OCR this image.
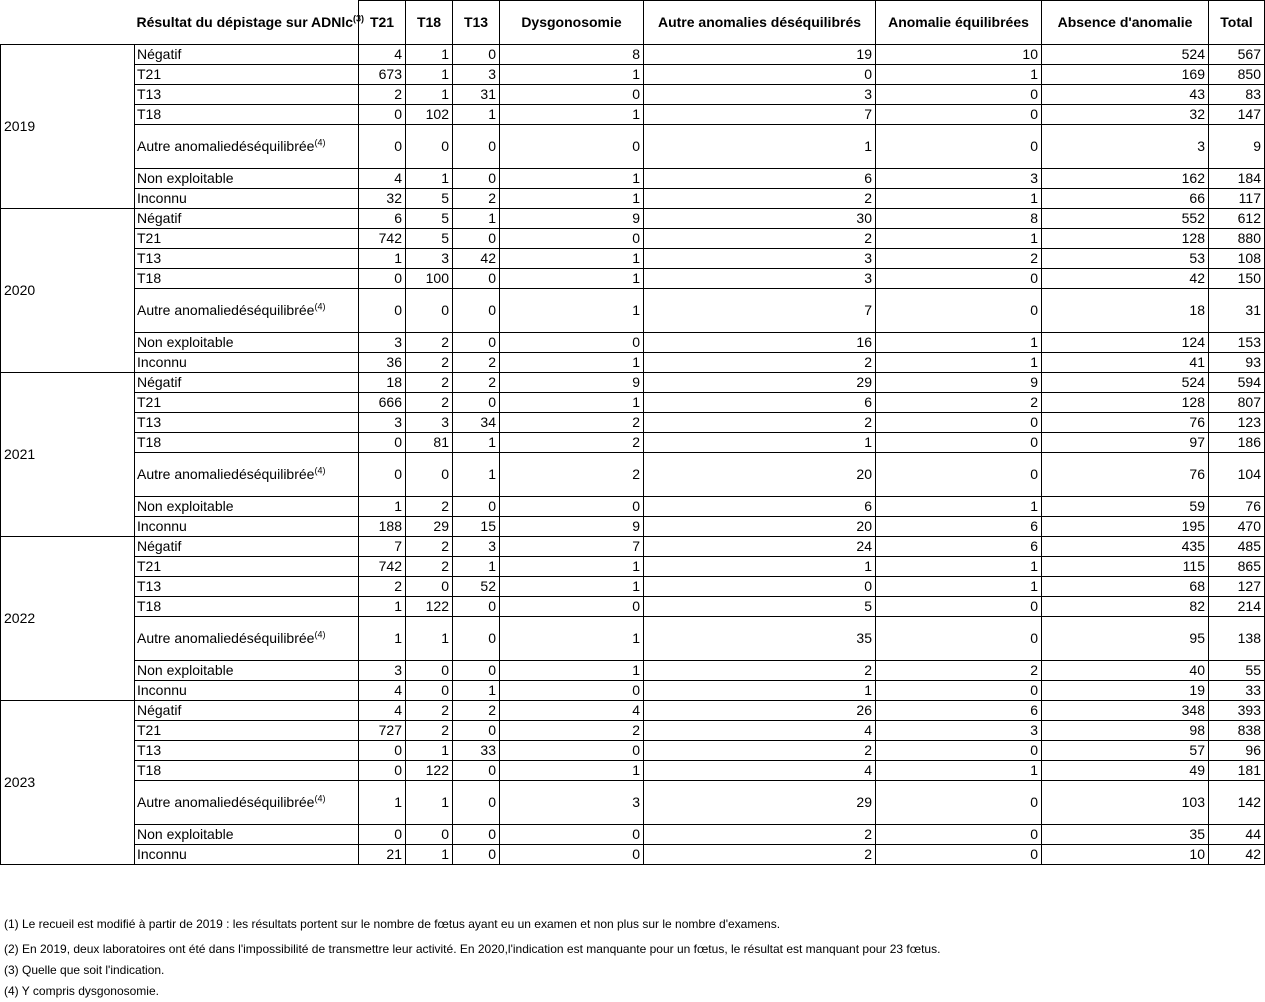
	Résultat du dépistage sur ADNlc$^{(3)}$	T21	T18	T13	Dysgonosomie	Autre anomalies déséquilibrés	Anomalie équilibrées	Absence d'anomalie	Total
2019	Négatif	4	1	0	8	19	10	524	567
	T21	673	1	3	1	0	1	169	850
	T13	2	1	31	0	3	0	43	83
	T18	0	102	1	1	7	0	32	147
	Autre anomaliedéséquilibrée$^{(4)}$	0	0	0	0	1	0	3	9
	Non exploitable	4	1	0	1	6	3	162	184
	Inconnu	32	5	2	1	2	1	66	117
2020	Négatif	6	5	1	9	30	8	552	612
	T21	742	5	0	0	2	1	128	880
	T13	1	3	42	1	3	2	53	108
	T18	0	100	0	1	3	0	42	150
	Autre anomaliedéséquilibrée$^{(4)}$	0	0	0	1	7	0	18	31
	Non exploitable	3	2	0	0	16	1	124	153
	Inconnu	36	2	2	1	2	1	41	93
2021	Négatif	18	2	2	9	29	9	524	594
	T21	666	2	0	1	6	2	128	807
	T13	3	3	34	2	2	0	76	123
	T18	0	81	1	2	1	0	97	186
	Autre anomaliedéséquilibrée$^{(4)}$	0	0	1	2	20	0	76	104
	Non exploitable	1	2	0	0	6	1	59	76
	Inconnu	188	29	15	9	20	6	195	470
2022	Négatif	7	2	3	7	24	6	435	485
	T21	742	2	1	1	1	1	115	865
	T13	2	0	52	1	0	1	68	127
	T18	1	122	0	0	5	0	82	214
	Autre anomaliedéséquilibrée$^{(4)}$	1	1	0	1	35	0	95	138
	Non exploitable	3	0	0	1	2	2	40	55
	Inconnu	4	0	1	0	1	0	19	33
2023	Négatif	4	2	2	4	26	6	348	393
	T21	727	2	0	2	4	3	98	838
	T13	0	1	33	0	2	0	57	96
	T18	0	122	0	1	4	1	49	181
	Autre anomaliedéséquilibrée$^{(4)}$	1	1	0	3	29	0	103	142
	Non exploitable	0	0	0	0	2	0	35	44
	Inconnu	21	1	0	0	2	0	10	42

(1) Le recueil est modifié à partir de 2019 : les résultats portent sur le nombre de fœtus ayant eu un examen et non plus sur le nombre d'examens.

(2) En 2019, deux laboratoires ont été dans l'impossibilité de transmettre leur activité. En 2020,l'indication est manquante pour un fœtus, le résultat est manquant pour 23 fœtus.

(3) Quelle que soit l'indication.

(4) Y compris dysgonosomie.
